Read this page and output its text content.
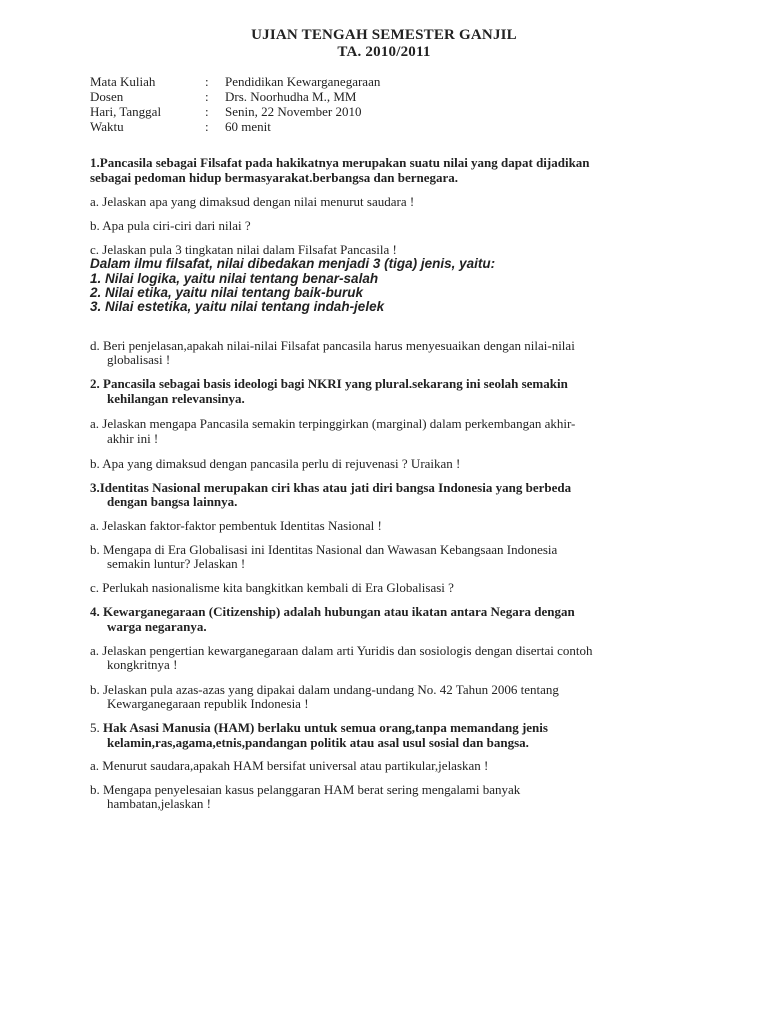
UJIAN TENGAH SEMESTER GANJIL
TA. 2010/2011
Mata Kuliah	: Pendidikan Kewarganegaraan
Dosen	: Drs. Noorhudha M., MM
Hari, Tanggal	: Senin, 22 November 2010
Waktu	: 60 menit
1.Pancasila sebagai Filsafat pada hakikatnya merupakan suatu nilai yang dapat dijadikan
sebagai pedoman hidup bermasyarakat.berbangsa dan bernegara.
a. Jelaskan apa yang dimaksud dengan nilai menurut saudara !
b. Apa pula ciri-ciri dari nilai ?
c. Jelaskan pula 3 tingkatan nilai dalam Filsafat Pancasila !
Dalam ilmu filsafat, nilai dibedakan menjadi 3 (tiga) jenis, yaitu:
1. Nilai logika, yaitu nilai tentang benar-salah
2. Nilai etika, yaitu nilai tentang baik-buruk
3. Nilai estetika, yaitu nilai tentang indah-jelek
d. Beri penjelasan,apakah nilai-nilai Filsafat pancasila harus menyesuaikan dengan nilai-nilai
globalisasi !
2. Pancasila sebagai basis ideologi bagi NKRI yang plural.sekarang ini seolah semakin
kehilangan relevansinya.
a. Jelaskan mengapa Pancasila semakin terpinggirkan (marginal) dalam perkembangan akhir-
akhir ini !
b. Apa yang dimaksud dengan pancasila perlu di rejuvenasi ? Uraikan !
3.Identitas Nasional merupakan ciri khas atau jati diri bangsa Indonesia yang berbeda
dengan bangsa lainnya.
a. Jelaskan faktor-faktor pembentuk Identitas Nasional !
b. Mengapa di Era Globalisasi ini Identitas Nasional dan Wawasan Kebangsaan Indonesia
semakin luntur? Jelaskan !
c. Perlukah nasionalisme kita bangkitkan kembali di Era Globalisasi ?
4. Kewarganegaraan (Citizenship) adalah hubungan atau ikatan antara Negara dengan
warga negaranya.
a. Jelaskan pengertian kewarganegaraan dalam arti Yuridis dan sosiologis dengan disertai contoh
kongkritnya !
b. Jelaskan pula azas-azas yang dipakai dalam undang-undang No. 42 Tahun 2006 tentang
Kewarganegaraan republik Indonesia !
5. Hak Asasi Manusia (HAM) berlaku untuk semua orang,tanpa memandang jenis
kelamin,ras,agama,etnis,pandangan politik atau asal usul sosial dan bangsa.
a. Menurut saudara,apakah HAM bersifat universal atau partikular,jelaskan !
b. Mengapa penyelesaian kasus pelanggaran HAM berat sering mengalami banyak
hambatan,jelaskan !
